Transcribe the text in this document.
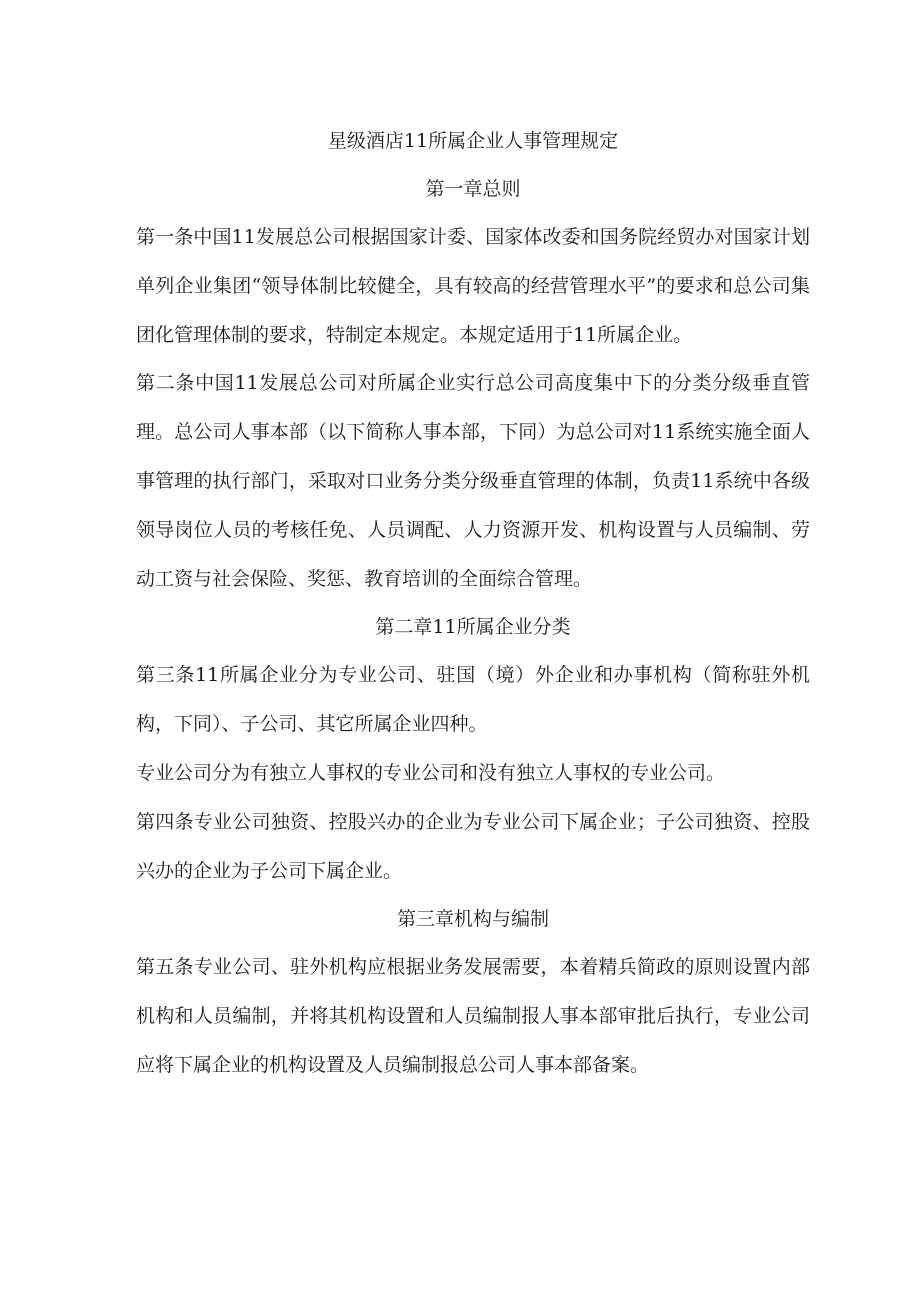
星级酒店11所属企业人事管理规定
第一章总则

第一条中国11发展总公司根据国家计委、国家体改委和国务院经贸办对国家计划单列企业集团“领导体制比较健全，具有较高的经营管理水平”的要求和总公司集团化管理体制的要求，特制定本规定。本规定适用于11所属企业。

第二条中国11发展总公司对所属企业实行总公司高度集中下的分类分级垂直管理。总公司人事本部（以下简称人事本部，下同）为总公司对11系统实施全面人事管理的执行部门，采取对口业务分类分级垂直管理的体制，负责11系统中各级领导岗位人员的考核任免、人员调配、人力资源开发、机构设置与人员编制、劳动工资与社会保险、奖惩、教育培训的全面综合管理。

第二章11所属企业分类

第三条11所属企业分为专业公司、驻国（境）外企业和办事机构（简称驻外机构，下同）、子公司、其它所属企业四种。

专业公司分为有独立人事权的专业公司和没有独立人事权的专业公司。

第四条专业公司独资、控股兴办的企业为专业公司下属企业；子公司独资、控股兴办的企业为子公司下属企业。

第三章机构与编制

第五条专业公司、驻外机构应根据业务发展需要，本着精兵简政的原则设置内部机构和人员编制，并将其机构设置和人员编制报人事本部审批后执行，专业公司应将下属企业的机构设置及人员编制报总公司人事本部备案。
